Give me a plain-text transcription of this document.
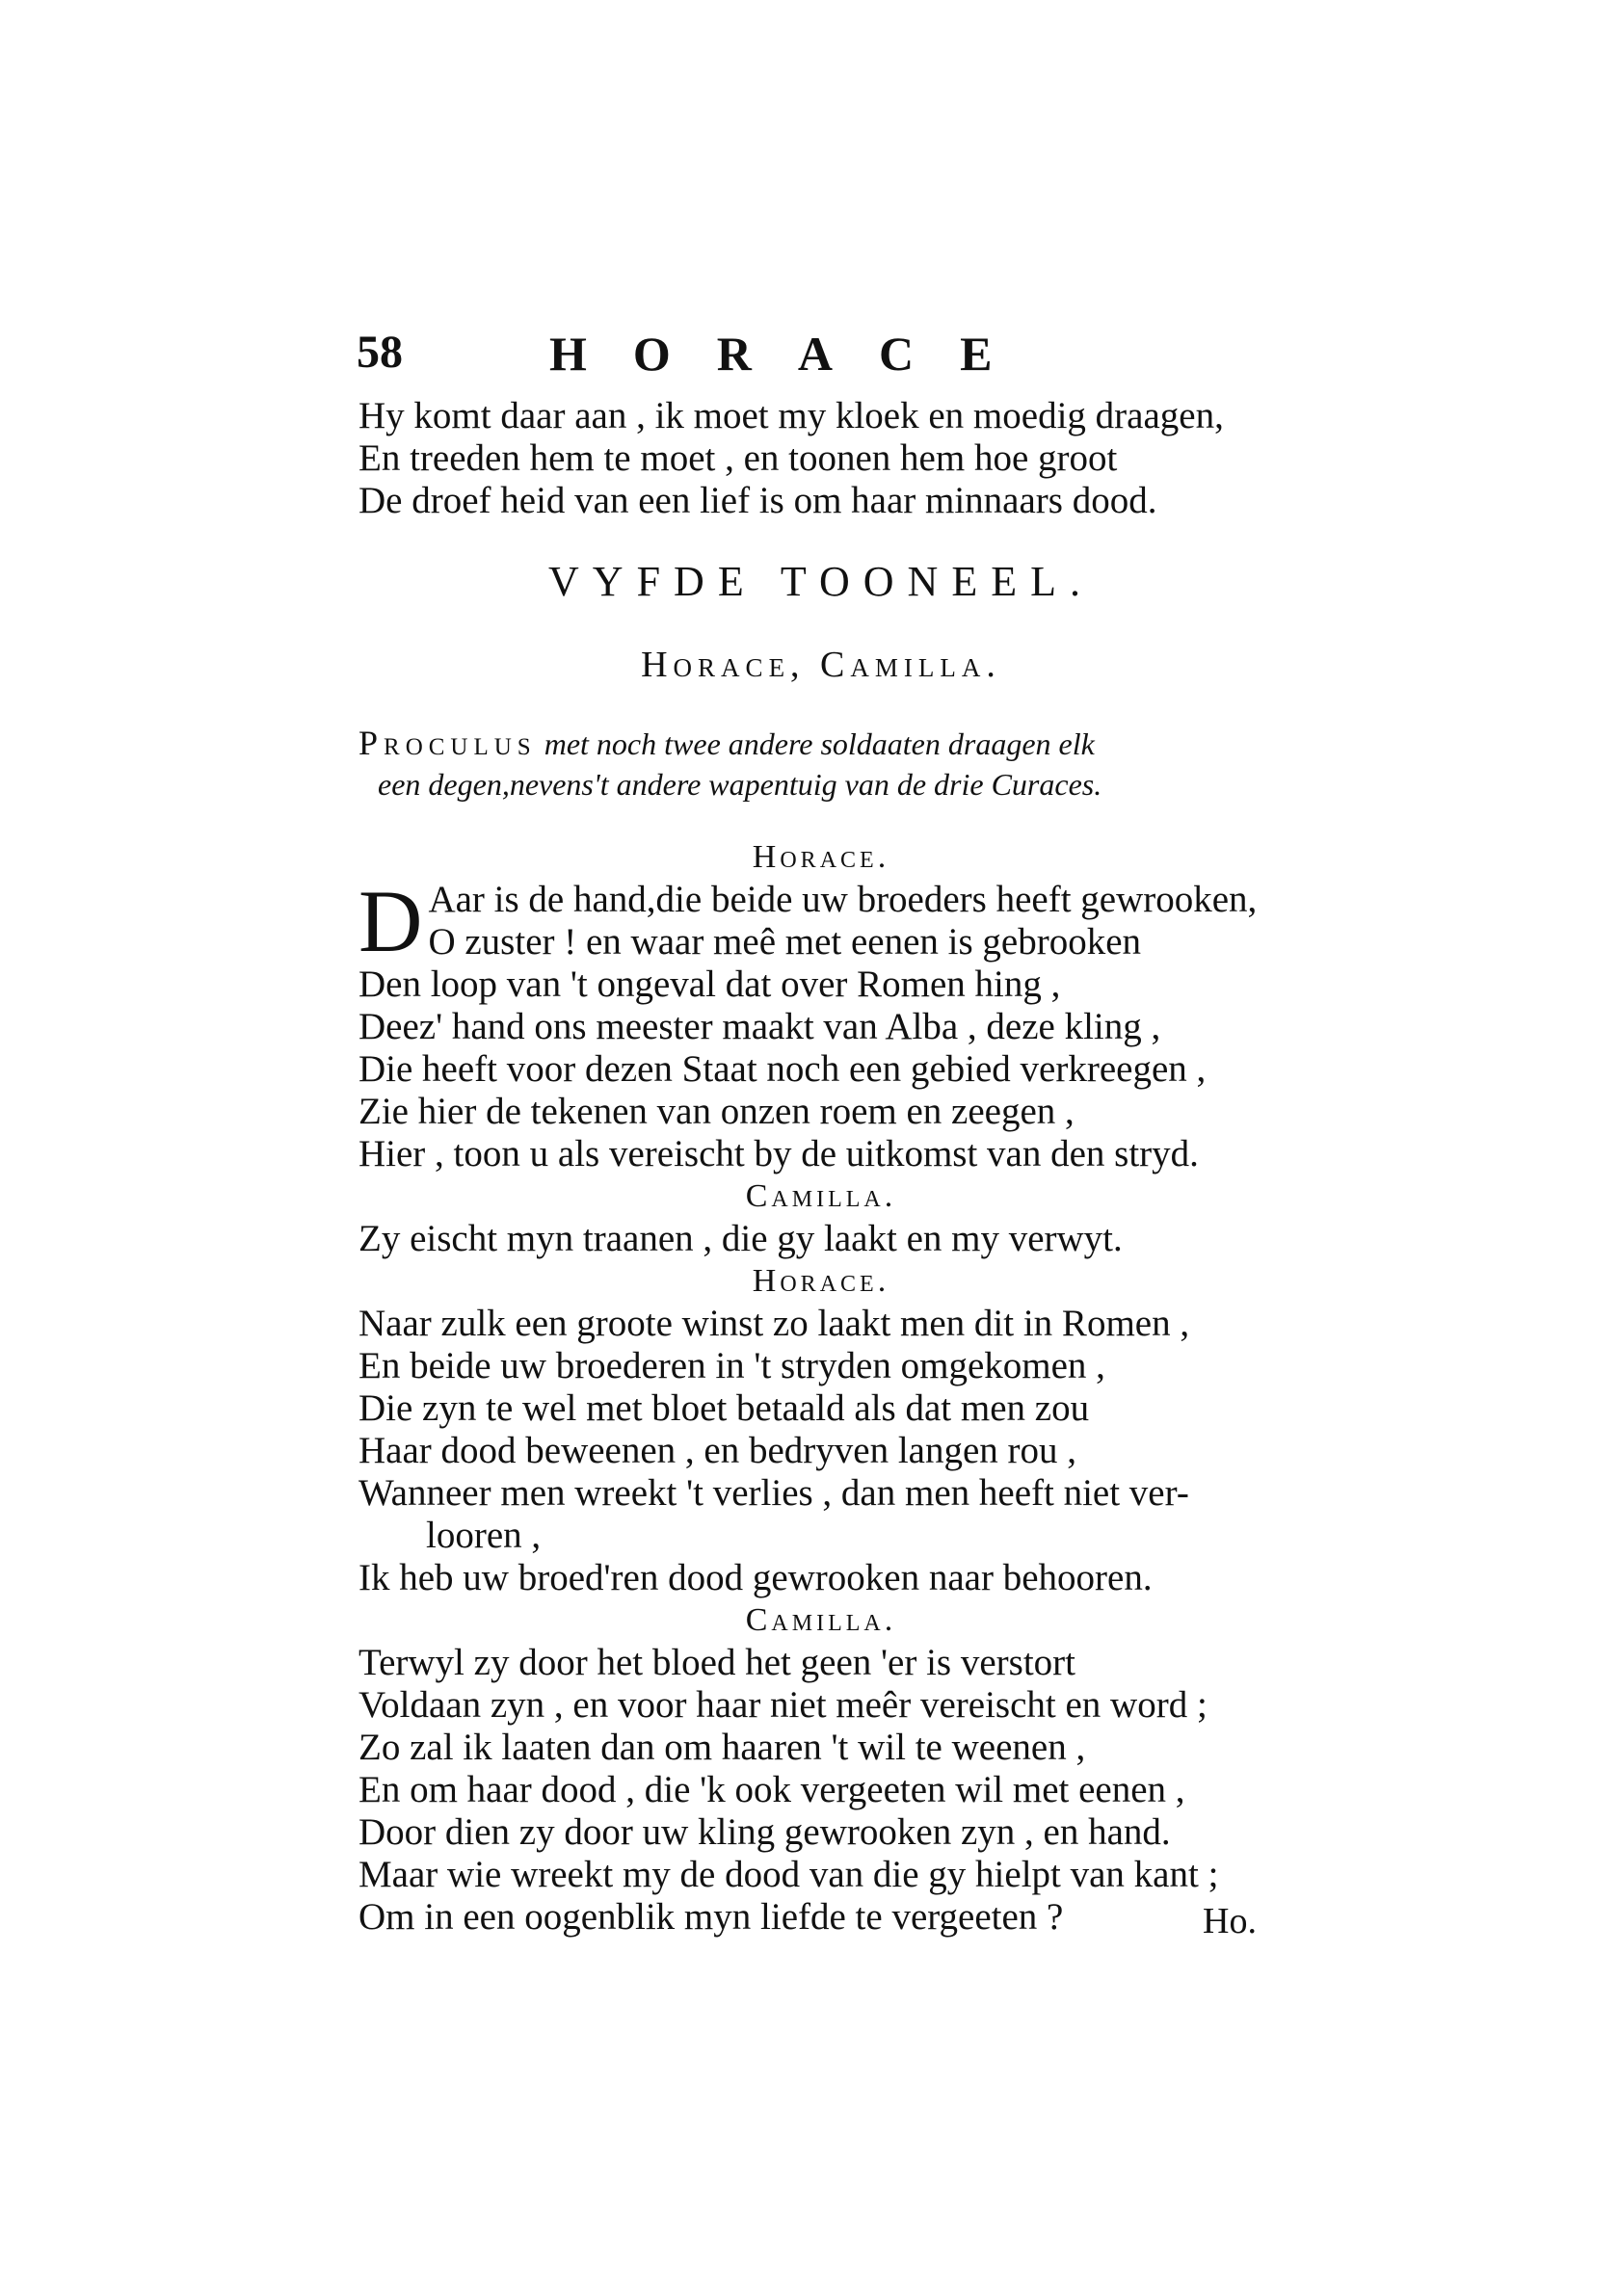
58	HORACE
Hy komt daar aan , ik moet my kloek en moedig draagen,
En treeden hem te moet , en toonen hem hoe groot
De droef heid van een lief is om haar minnaars dood.
VYFDE TOONEEL.
Horace, Camilla.
Proculus met noch twee andere soldaaten draagen elk
een degen,nevens't andere wapentuig van de drie Curaces.
Horace.
D Aar is de hand,die beide uw broeders heeft gewrooken,
O zuster ! en waar meê met eenen is gebrooken
Den loop van 't ongeval dat over Romen hing ,
Deez' hand ons meester maakt van Alba , deze kling ,
Die heeft voor dezen Staat noch een gebied verkreegen ,
Zie hier de tekenen van onzen roem en zeegen ,
Hier , toon u als vereischt by de uitkomst van den stryd.
Camilla.
Zy eischt myn traanen , die gy laakt en my verwyt.
Horace.
Naar zulk een groote winst zo laakt men dit in Romen ,
En beide uw broederen in 't stryden omgekomen ,
Die zyn te wel met bloet betaald als dat men zou
Haar dood beweenen , en bedryven langen rou ,
Wanneer men wreekt 't verlies , dan men heeft niet ver-
looren ,
Ik heb uw broed'ren dood gewrooken naar behooren.
Camilla.
Terwyl zy door het bloed het geen 'er is verstort
Voldaan zyn , en voor haar niet meêr vereischt en word ;
Zo zal ik laaten dan om haaren 't wil te weenen ,
En om haar dood , die 'k ook vergeeten wil met eenen ,
Door dien zy door uw kling gewrooken zyn , en hand.
Maar wie wreekt my de dood van die gy hielpt van kant ;
Om in een oogenblik myn liefde te vergeeten ?	Ho.
